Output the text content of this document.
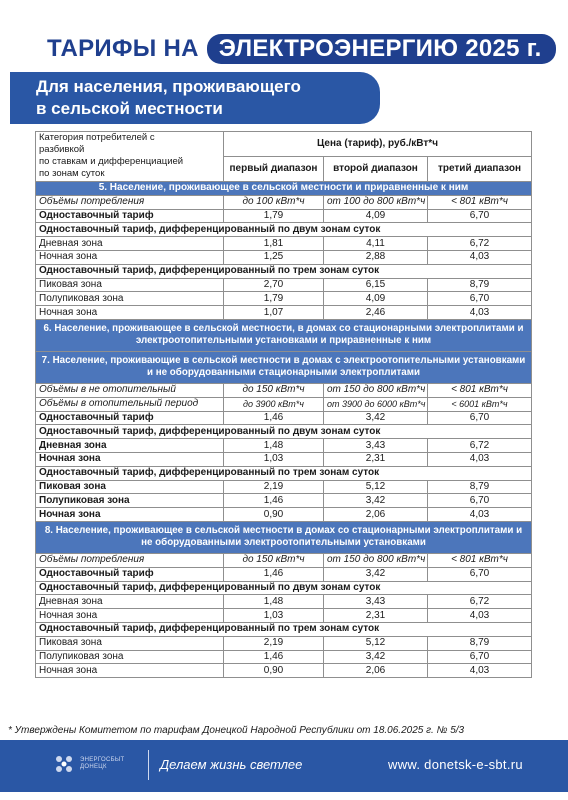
ТАРИФЫ НА ЭЛЕКТРОЭНЕРГИЮ 2025 г.
Для населения, проживающего
в сельской местности
Категория потребителей с
разбивкой
по ставкам и дифференциацией
по зонам суток	Цена (тариф), руб./кВт*ч		
	первый диапазон	второй диапазон	третий диапазон
5. Население, проживающее в сельской местности и приравненные к ним			
Объёмы потребления	до 100 кВт*ч	от 100 до 800 кВт*ч	< 801 кВт*ч
Одноставочный тариф	1,79	4,09	6,70
Одноставочный тариф, дифференцированный по двум зонам суток			
Дневная зона	1,81	4,11	6,72
Ночная зона	1,25	2,88	4,03
Одноставочный тариф, дифференцированный по трем зонам суток			
Пиковая зона	2,70	6,15	8,79
Полупиковая зона	1,79	4,09	6,70
Ночная зона	1,07	2,46	4,03
6. Население, проживающее в сельской местности, в домах со стационарными электроплитами и электроотопительными установками и приравненные к ним			
7. Население, проживающие в сельской местности в домах с электроотопительными установками и не оборудованными стационарными электроплитами			
Объёмы в не отопительный	до 150 кВт*ч	от 150 до 800 кВт*ч	< 801 кВт*ч
Объёмы в отопительный период	до 3900 кВт*ч	от 3900 до 6000 кВт*ч	< 6001 кВт*ч
Одноставочный тариф	1,46	3,42	6,70
Одноставочный тариф, дифференцированный по двум зонам суток			
Дневная зона	1,48	3,43	6,72
Ночная зона	1,03	2,31	4,03
Одноставочный тариф, дифференцированный по трем зонам суток			
Пиковая зона	2,19	5,12	8,79
Полупиковая зона	1,46	3,42	6,70
Ночная зона	0,90	2,06	4,03
8. Население, проживающее в сельской местности в домах со стационарными электроплитами и не оборудованными электроотопительными установками			
Объёмы потребления	до 150 кВт*ч	от 150 до 800 кВт*ч	< 801 кВт*ч
Одноставочный тариф	1,46	3,42	6,70
Одноставочный тариф, дифференцированный по двум зонам суток			
Дневная зона	1,48	3,43	6,72
Ночная зона	1,03	2,31	4,03
Одноставочный тариф, дифференцированный по трем зонам суток			
Пиковая зона	2,19	5,12	8,79
Полупиковая зона	1,46	3,42	6,70
Ночная зона	0,90	2,06	4,03
* Утверждены Комитетом по тарифам Донецкой Народной Республики от 18.06.2025 г. № 5/3
ЭНЕРГОСБЫТ
ДОНЕЦК	Делаем жизнь светлее	www. donetsk-e-sbt.ru
